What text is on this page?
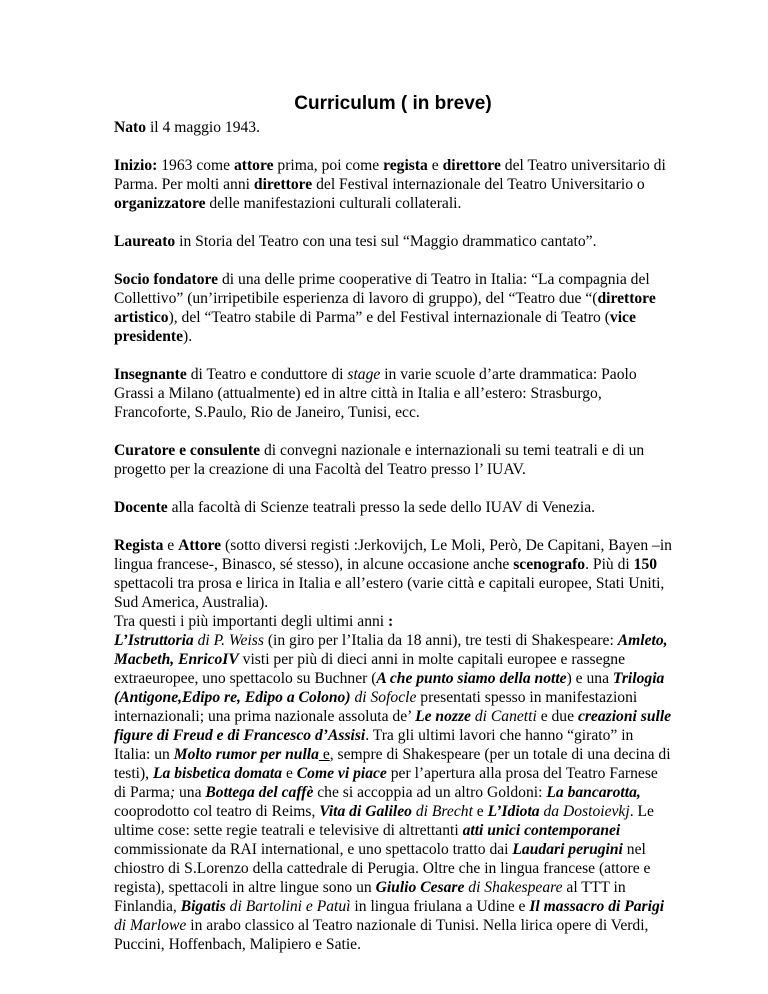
Curriculum ( in breve)

Nato il 4 maggio 1943.

Inizio: 1963 come attore prima, poi come regista e direttore del Teatro universitario di Parma. Per molti anni direttore del Festival internazionale del Teatro Universitario o organizzatore delle manifestazioni culturali collaterali.

Laureato in Storia del Teatro con una tesi sul “Maggio drammatico cantato”.

Socio fondatore di una delle prime cooperative di Teatro in Italia: “La compagnia del Collettivo” (un’irripetibile esperienza di lavoro di gruppo), del “Teatro due “(direttore artistico), del “Teatro stabile di Parma” e del Festival internazionale di Teatro (vice presidente).

Insegnante di Teatro e conduttore di stage in varie scuole d’arte drammatica: Paolo Grassi a Milano (attualmente) ed in altre città in Italia e all’estero: Strasburgo, Francoforte, S.Paulo, Rio de Janeiro, Tunisi, ecc.

Curatore e consulente di convegni nazionale e internazionali su temi teatrali e di un progetto per la creazione di una Facoltà del Teatro presso l’ IUAV.

Docente alla facoltà di Scienze teatrali presso la sede dello IUAV di Venezia.

Regista e Attore (sotto diversi registi :Jerkovijch, Le Moli, Però, De Capitani, Bayen –in lingua francese-, Binasco, sé stesso), in alcune occasione anche scenografo. Più di 150 spettacoli tra prosa e lirica in Italia e all’estero (varie città e capitali europee, Stati Uniti, Sud America, Australia).

Tra questi i più importanti degli ultimi anni :
L’Istruttoria di P. Weiss (in giro per l’Italia da 18 anni), tre testi di Shakespeare: Amleto, Macbeth, EnricoIV visti per più di dieci anni in molte capitali europee e rassegne extraeuropee, uno spettacolo su Buchner (A che punto siamo della notte) e una Trilogia (Antigone,Edipo re, Edipo a Colono) di Sofocle presentati spesso in manifestazioni internazionali; una prima nazionale assoluta de’ Le nozze di Canetti e due creazioni sulle figure di Freud e di Francesco d’Assisi. Tra gli ultimi lavori che hanno “girato” in Italia: un Molto rumor per nulla e, sempre di Shakespeare (per un totale di una decina di testi), La bisbetica domata e Come vi piace per l’apertura alla prosa del Teatro Farnese di Parma; una Bottega del caffè che si accoppia ad un altro Goldoni: La bancarotta, cooprodotto col teatro di Reims, Vita di Galileo di Brecht e L’Idiota da Dostoievkj. Le ultime cose: sette regie teatrali e televisive di altrettanti atti unici contemporanei commissionate da RAI international, e uno spettacolo tratto dai Laudari perugini nel chiostro di S.Lorenzo della cattedrale di Perugia. Oltre che in lingua francese (attore e regista), spettacoli in altre lingue sono un Giulio Cesare di Shakespeare al TTT in Finlandia, Bigatis di Bartolini e Patuì in lingua friulana a Udine e Il massacro di Parigi di Marlowe in arabo classico al Teatro nazionale di Tunisi. Nella lirica opere di Verdi, Puccini, Hoffenbach, Malipiero e Satie.
